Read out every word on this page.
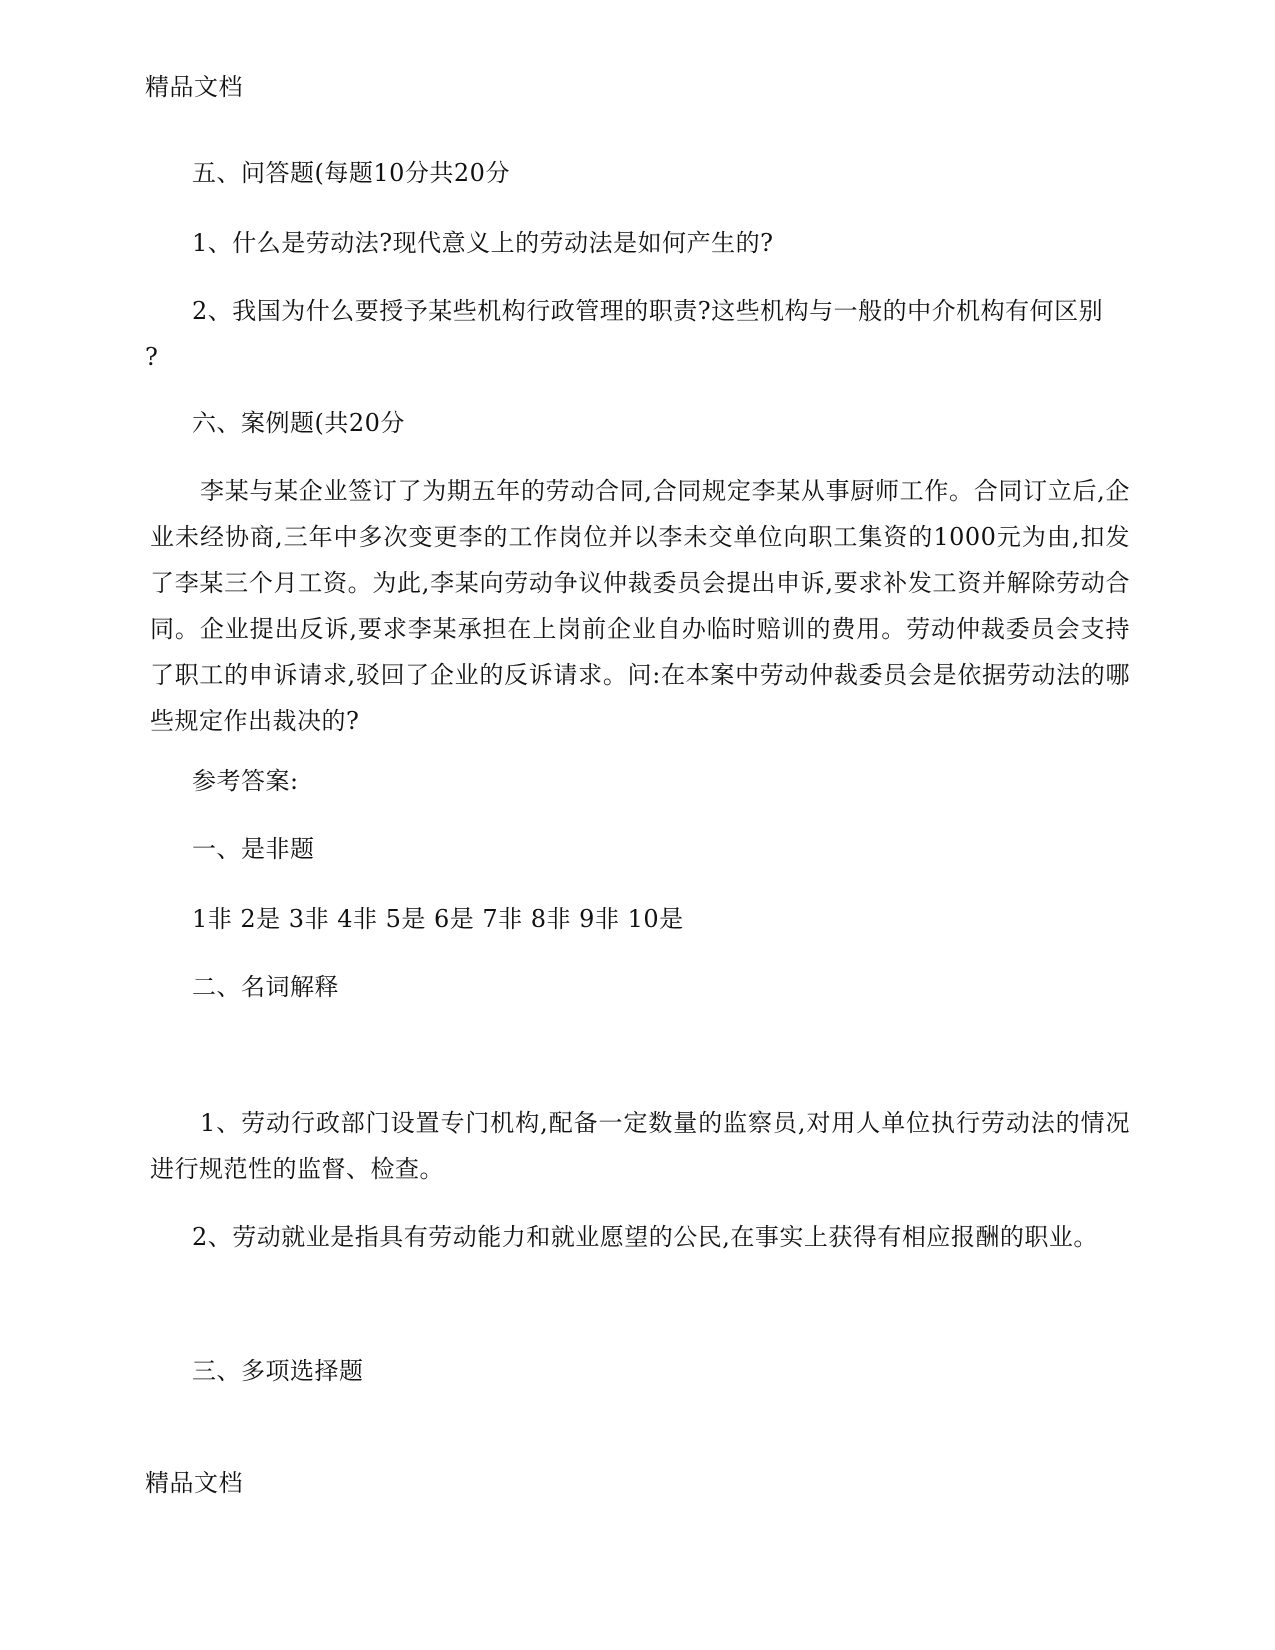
精品文档
五、问答题(每题10分共20分
1、什么是劳动法?现代意义上的劳动法是如何产生的?
2、我国为什么要授予某些机构行政管理的职责?这些机构与一般的中介机构有何区别
?
六、案例题(共20分
李某与某企业签订了为期五年的劳动合同,合同规定李某从事厨师工作。合同订立后,企业未经协商,三年中多次变更李的工作岗位并以李未交单位向职工集资的1000元为由,扣发了李某三个月工资。为此,李某向劳动争议仲裁委员会提出申诉,要求补发工资并解除劳动合同。企业提出反诉,要求李某承担在上岗前企业自办临时赔训的费用。劳动仲裁委员会支持了职工的申诉请求,驳回了企业的反诉请求。问:在本案中劳动仲裁委员会是依据劳动法的哪些规定作出裁决的?
参考答案:
一、是非题
1非 2是 3非 4非 5是 6是 7非 8非 9非 10是
二、名词解释
1、劳动行政部门设置专门机构,配备一定数量的监察员,对用人单位执行劳动法的情况进行规范性的监督、检查。
2、劳动就业是指具有劳动能力和就业愿望的公民,在事实上获得有相应报酬的职业。
三、多项选择题
精品文档
